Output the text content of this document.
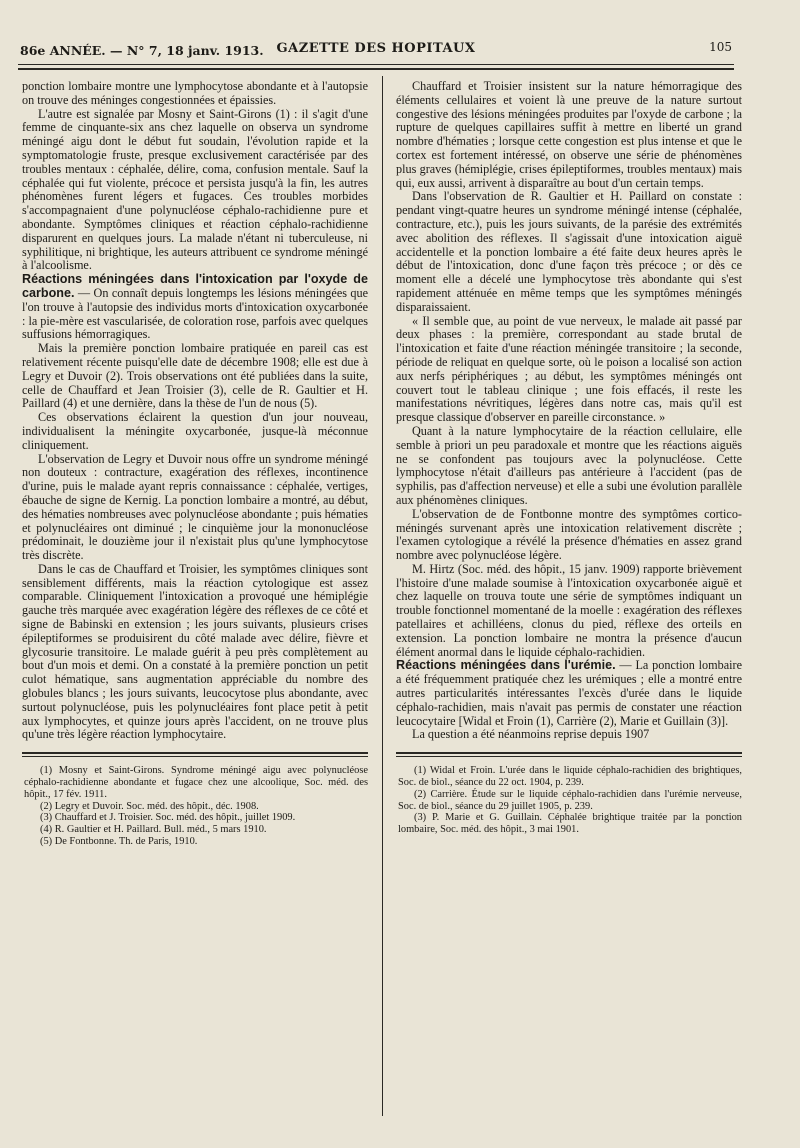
86e ANNÉE. — N° 7, 18 janv. 1913. GAZETTE DES HOPITAUX	105

ponction lombaire montre une lymphocytose abondante et à l'autopsie on trouve des méninges congestionnées et épaissies.

L'autre est signalée par Mosny et Saint-Girons (1) : il s'agit d'une femme de cinquante-six ans chez laquelle on observa un syndrome méningé aigu dont le début fut soudain, l'évolution rapide et la symptomatologie fruste, presque exclusivement caractérisée par des troubles mentaux : céphalée, délire, coma, confusion mentale. Sauf la céphalée qui fut violente, précoce et persista jusqu'à la fin, les autres phénomènes furent légers et fugaces. Ces troubles morbides s'accompagnaient d'une polynucléose céphalo-rachidienne pure et abondante. Symptômes cliniques et réaction céphalo-rachidienne disparurent en quelques jours. La malade n'étant ni tuberculeuse, ni syphilitique, ni brightique, les auteurs attribuent ce syndrome méningé à l'alcoolisme.

Réactions méningées dans l'intoxication par l'oxyde de carbone. — On connaît depuis longtemps les lésions méningées que l'on trouve à l'autopsie des individus morts d'intoxication oxycarbonée : la pie-mère est vascularisée, de coloration rose, parfois avec quelques suffusions hémorragiques.

Mais la première ponction lombaire pratiquée en pareil cas est relativement récente puisqu'elle date de décembre 1908; elle est due à Legry et Duvoir (2). Trois observations ont été publiées dans la suite, celle de Chauffard et Jean Troisier (3), celle de R. Gaultier et H. Paillard (4) et une dernière, dans la thèse de l'un de nous (5).

Ces observations éclairent la question d'un jour nouveau, individualisent la méningite oxycarbonée, jusque-là méconnue cliniquement.

L'observation de Legry et Duvoir nous offre un syndrome méningé non douteux : contracture, exagération des réflexes, incontinence d'urine, puis le malade ayant repris connaissance : céphalée, vertiges, ébauche de signe de Kernig. La ponction lombaire a montré, au début, des hématies nombreuses avec polynucléose abondante ; puis hématies et polynucléaires ont diminué ; le cinquième jour la mononucléose prédominait, le douzième jour il n'existait plus qu'une lymphocytose très discrète.

Dans le cas de Chauffard et Troisier, les symptômes cliniques sont sensiblement différents, mais la réaction cytologique est assez comparable. Cliniquement l'intoxication a provoqué une hémiplégie gauche très marquée avec exagération légère des réflexes de ce côté et signe de Babinski en extension ; les jours suivants, plusieurs crises épileptiformes se produisirent du côté malade avec délire, fièvre et glycosurie transitoire. Le malade guérit à peu près complètement au bout d'un mois et demi. On a constaté à la première ponction un petit culot hématique, sans augmentation appréciable du nombre des globules blancs ; les jours suivants, leucocytose plus abondante, avec surtout polynucléose, puis les polynucléaires font place petit à petit aux lymphocytes, et quinze jours après l'accident, on ne trouve plus qu'une très légère réaction lymphocytaire.

(1) Mosny et Saint-Girons. Syndrome méningé aigu avec polynucléose céphalo-rachidienne abondante et fugace chez une alcoolique, Soc. méd. des hôpit., 17 fév. 1911.

(2) Legry et Duvoir. Soc. méd. des hôpit., déc. 1908.

(3) Chauffard et J. Troisier. Soc. méd. des hôpit., juillet 1909.

(4) R. Gaultier et H. Paillard. Bull. méd., 5 mars 1910.

(5) De Fontbonne. Th. de Paris, 1910.

Chauffard et Troisier insistent sur la nature hémorragique des éléments cellulaires et voient là une preuve de la nature surtout congestive des lésions méningées produites par l'oxyde de carbone ; la rupture de quelques capillaires suffit à mettre en liberté un grand nombre d'hématies ; lorsque cette congestion est plus intense et que le cortex est fortement intéressé, on observe une série de phénomènes plus graves (hémiplégie, crises épileptiformes, troubles mentaux) mais qui, eux aussi, arrivent à disparaître au bout d'un certain temps.

Dans l'observation de R. Gaultier et H. Paillard on constate : pendant vingt-quatre heures un syndrome méningé intense (céphalée, contracture, etc.), puis les jours suivants, de la parésie des extrémités avec abolition des réflexes. Il s'agissait d'une intoxication aiguë accidentelle et la ponction lombaire a été faite deux heures après le début de l'intoxication, donc d'une façon très précoce ; or dès ce moment elle a décelé une lymphocytose très abondante qui s'est rapidement atténuée en même temps que les symptômes méningés disparaissaient.

« Il semble que, au point de vue nerveux, le malade ait passé par deux phases : la première, correspondant au stade brutal de l'intoxication et faite d'une réaction méningée transitoire ; la seconde, période de reliquat en quelque sorte, où le poison a localisé son action aux nerfs périphériques ; au début, les symptômes méningés ont couvert tout le tableau clinique ; une fois effacés, il reste les manifestations névritiques, légères dans notre cas, mais qu'il est presque classique d'observer en pareille circonstance. »

Quant à la nature lymphocytaire de la réaction cellulaire, elle semble à priori un peu paradoxale et montre que les réactions aiguës ne se confondent pas toujours avec la polynucléose. Cette lymphocytose n'était d'ailleurs pas antérieure à l'accident (pas de syphilis, pas d'affection nerveuse) et elle a subi une évolution parallèle aux phénomènes cliniques.

L'observation de de Fontbonne montre des symptômes cortico-méningés survenant après une intoxication relativement discrète ; l'examen cytologique a révélé la présence d'hématies en assez grand nombre avec polynucléose légère.

M. Hirtz (Soc. méd. des hôpit., 15 janv. 1909) rapporte brièvement l'histoire d'une malade soumise à l'intoxication oxycarbonée aiguë et chez laquelle on trouva toute une série de symptômes indiquant un trouble fonctionnel momentané de la moelle : exagération des réflexes patellaires et achilléens, clonus du pied, réflexe des orteils en extension. La ponction lombaire ne montra la présence d'aucun élément anormal dans le liquide céphalo-rachidien.

Réactions méningées dans l'urémie. — La ponction lombaire a été fréquemment pratiquée chez les urémiques ; elle a montré entre autres particularités intéressantes l'excès d'urée dans le liquide céphalo-rachidien, mais n'avait pas permis de constater une réaction leucocytaire [Widal et Froin (1), Carrière (2), Marie et Guillain (3)].

La question a été néanmoins reprise depuis 1907

(1) Widal et Froin. L'urée dans le liquide céphalo-rachidien des brightiques, Soc. de biol., séance du 22 oct. 1904, p. 239.

(2) Carrière. Étude sur le liquide céphalo-rachidien dans l'urémie nerveuse, Soc. de biol., séance du 29 juillet 1905, p. 239.

(3) P. Marie et G. Guillain. Céphalée brightique traitée par la ponction lombaire, Soc. méd. des hôpit., 3 mai 1901.
